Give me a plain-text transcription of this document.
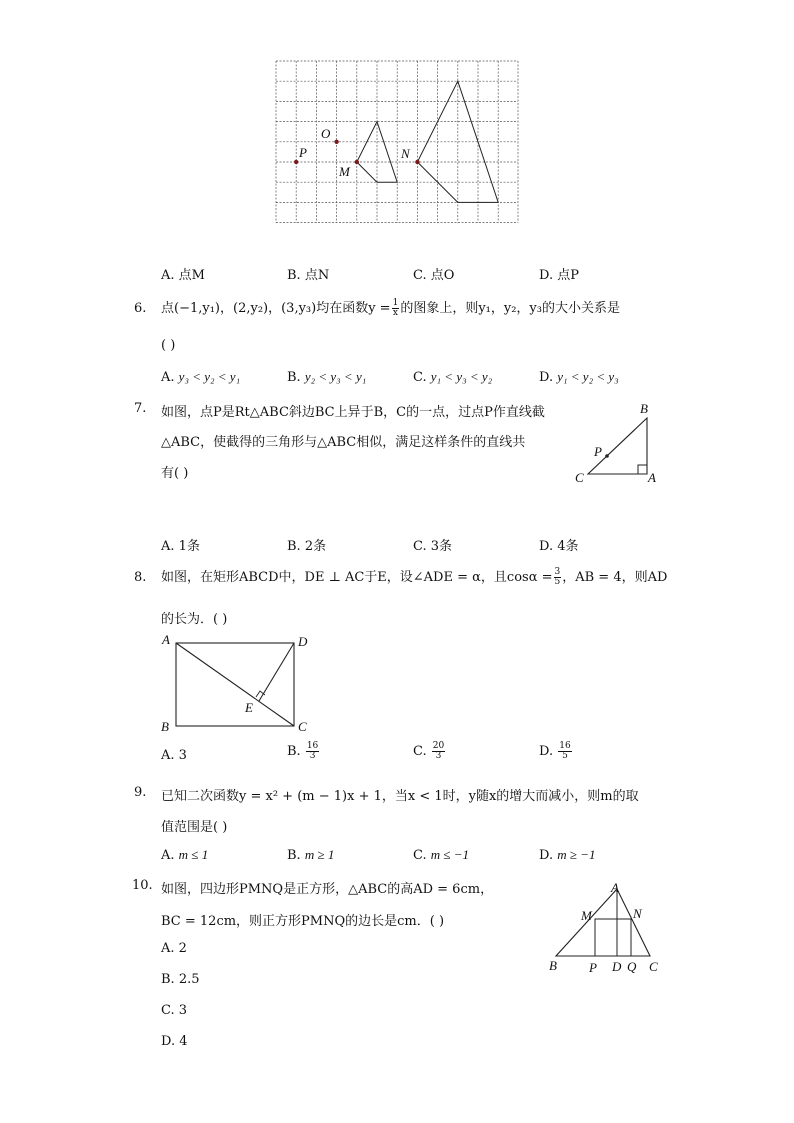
O
P
M
N
A. 点M	B. 点N	C. 点O	D. 点P
6. 点(−1,y₁)，(2,y₂)，(3,y₃)均在函数$y = \frac{1}{x}$ 的图象上，则y₁，y₂，y₃的大小关系是
( )
A. y₃ < y₂ < y₁	B. y₂ < y₃ < y₁	C. y₁ < y₃ < y₂	D. y₁ < y₂ < y₃
7. 如图，点P是Rt△ABC斜边BC上异于B，C的一点，过点P作直线截
△ABC，使截得的三角形与△ABC相似，满足这样条件的直线共
有( )
B
P
C	A
A. 1条	B. 2条	C. 3条	D. 4条
8. 如图，在矩形ABCD中，DE ⊥ AC于E，设∠ADE = α，且$\cos\alpha = \frac{3}{5}$ ，AB = 4，则AD
的长为．( )
A	D
B	C
E
A. 3	B. $\frac{16}{3}$	C. $\frac{20}{3}$	D. $\frac{16}{5}$
9. 已知二次函数y = x² + (m − 1)x + 1，当x < 1时，y随x的增大而减小，则m的取
值范围是( )
A. m ≤ 1	B. m ≥ 1	C. m ≤ −1	D. m ≥ −1
10. 如图，四边形PMNQ是正方形，△ABC的高AD = 6cm，
BC = 12cm，则正方形PMNQ的边长是cm．( )
A
M	N
B P D Q C
A. 2
B. 2.5
C. 3
D. 4
